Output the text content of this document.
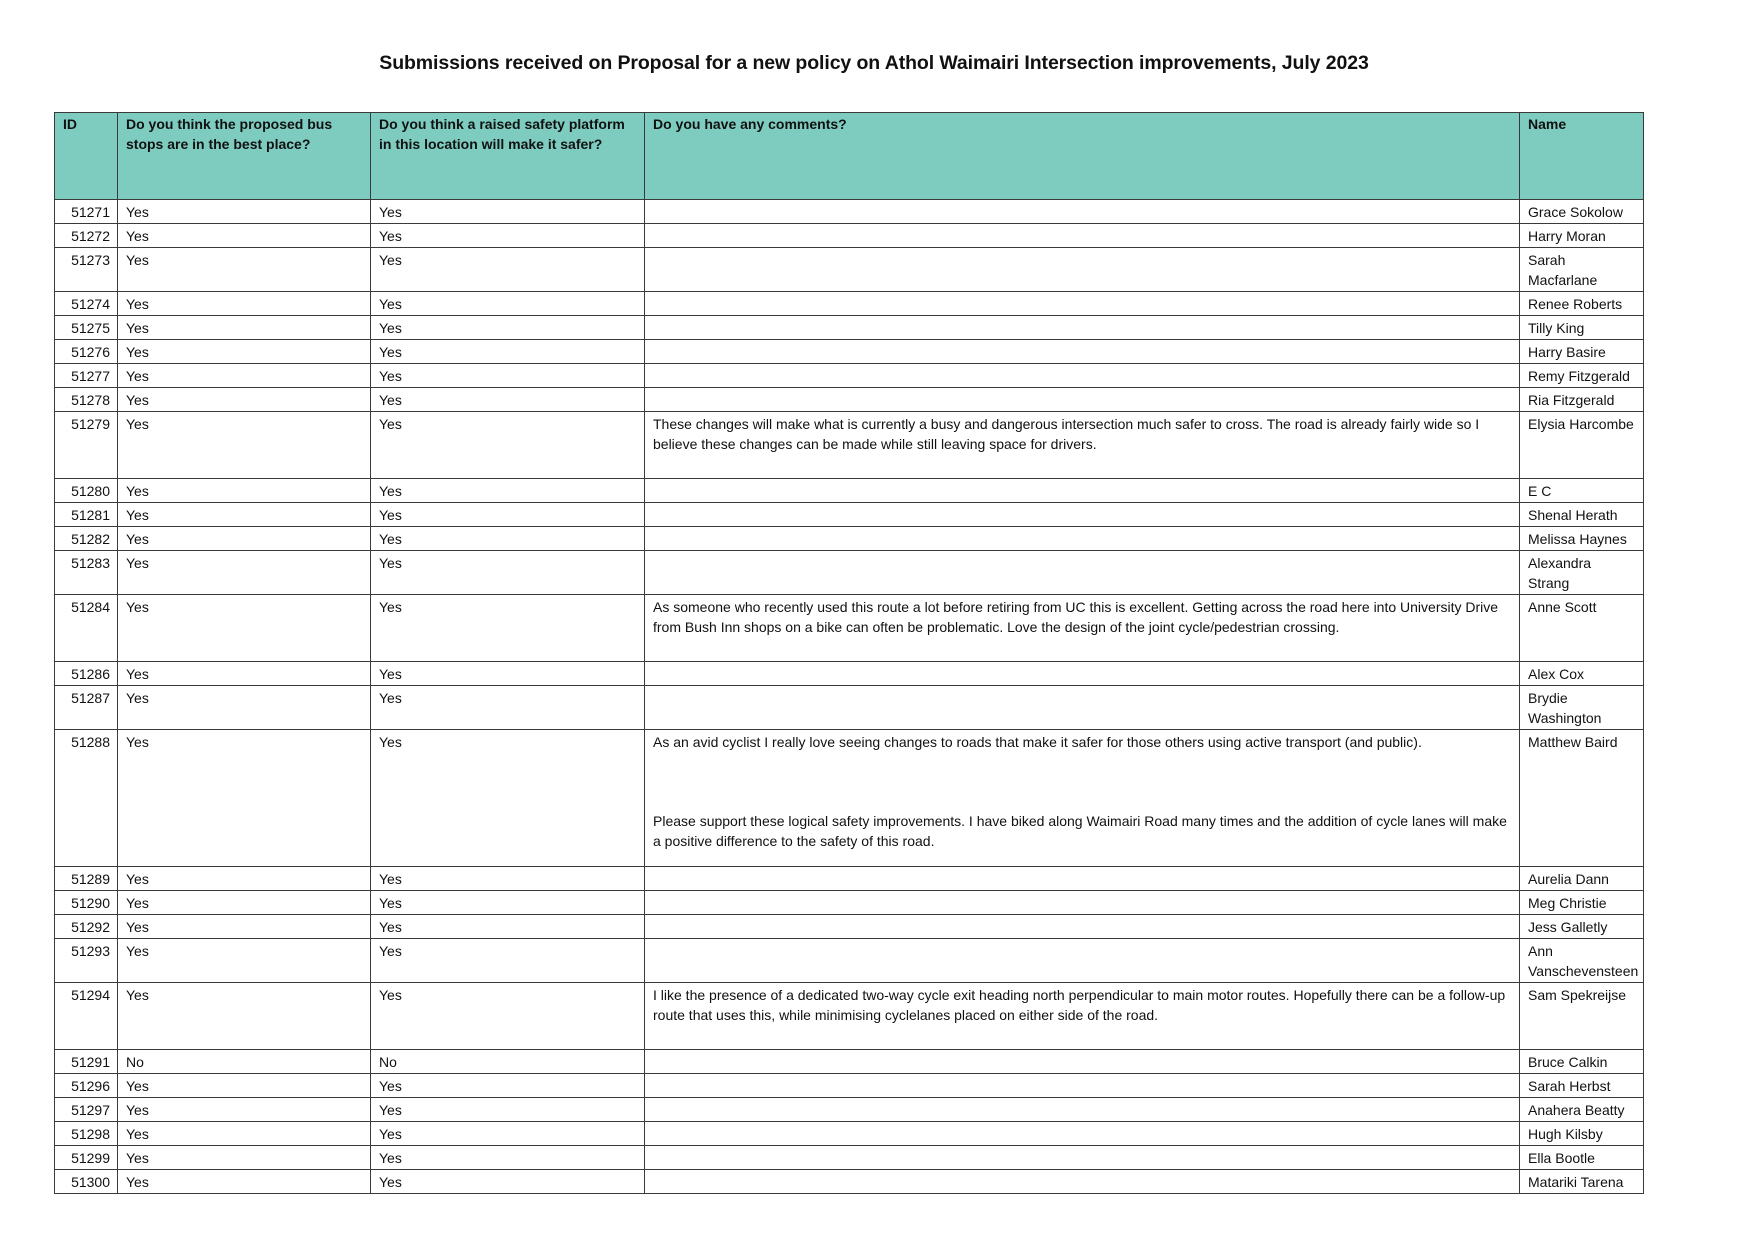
Submissions received on Proposal for a new policy on Athol Waimairi Intersection improvements, July 2023
ID	Do you think the proposed bus stops are in the best place?	Do you think a raised safety platform in this location will make it safer?	Do you have any comments?	Name
51271	Yes	Yes		Grace Sokolow
51272	Yes	Yes		Harry Moran
51273	Yes	Yes		Sarah Macfarlane
51274	Yes	Yes		Renee Roberts
51275	Yes	Yes		Tilly King
51276	Yes	Yes		Harry Basire
51277	Yes	Yes		Remy Fitzgerald
51278	Yes	Yes		Ria Fitzgerald
51279	Yes	Yes	These changes will make what is currently a busy and dangerous intersection much safer to cross. The road is already fairly wide so I believe these changes can be made while still leaving space for drivers.	Elysia Harcombe
51280	Yes	Yes		E C
51281	Yes	Yes		Shenal Herath
51282	Yes	Yes		Melissa Haynes
51283	Yes	Yes		Alexandra Strang
51284	Yes	Yes	As someone who recently used this route a lot before retiring from UC this is excellent. Getting across the road here into University Drive from Bush Inn shops on a bike can often be problematic. Love the design of the joint cycle/pedestrian crossing.	Anne Scott
51286	Yes	Yes		Alex Cox
51287	Yes	Yes		Brydie Washington
51288	Yes	Yes	As an avid cyclist I really love seeing changes to roads that make it safer for those others using active transport (and public).

Please support these logical safety improvements. I have biked along Waimairi Road many times and the addition of cycle lanes will make a positive difference to the safety of this road.	Matthew Baird
51289	Yes	Yes		Aurelia Dann
51290	Yes	Yes		Meg Christie
51292	Yes	Yes		Jess Galletly
51293	Yes	Yes		Ann Vanschevensteen
51294	Yes	Yes	I like the presence of a dedicated two-way cycle exit heading north perpendicular to main motor routes. Hopefully there can be a follow-up route that uses this, while minimising cyclelanes placed on either side of the road.	Sam Spekreijse
51291	No	No		Bruce Calkin
51296	Yes	Yes		Sarah Herbst
51297	Yes	Yes		Anahera Beatty
51298	Yes	Yes		Hugh Kilsby
51299	Yes	Yes		Ella Bootle
51300	Yes	Yes		Matariki Tarena
